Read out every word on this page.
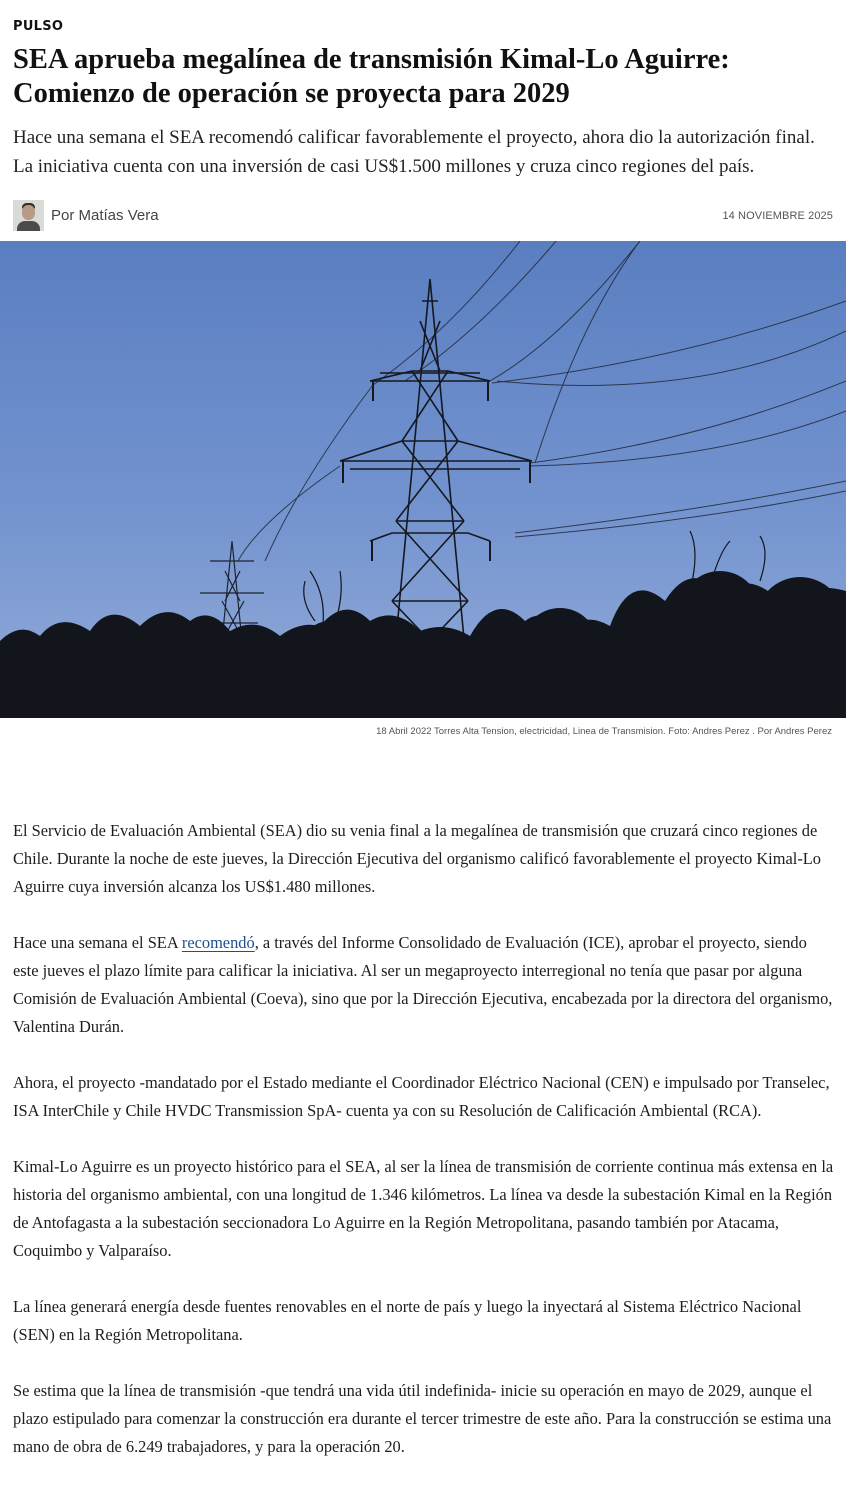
PULSO
SEA aprueba megalínea de transmisión Kimal-Lo Aguirre: Comienzo de operación se proyecta para 2029

Hace una semana el SEA recomendó calificar favorablemente el proyecto, ahora dio la autorización final. La iniciativa cuenta con una inversión de casi US$1.500 millones y cruza cinco regiones del país.

Por Matías Vera	14 NOVIEMBRE 2025
18 Abril 2022 Torres Alta Tension, electricidad, Linea de Transmision. Foto: Andres Perez . Por Andres Perez

El Servicio de Evaluación Ambiental (SEA) dio su venia final a la megalínea de transmisión que cruzará cinco regiones de Chile. Durante la noche de este jueves, la Dirección Ejecutiva del organismo calificó favorablemente el proyecto Kimal-Lo Aguirre cuya inversión alcanza los US$1.480 millones.

Hace una semana el SEA recomendó, a través del Informe Consolidado de Evaluación (ICE), aprobar el proyecto, siendo este jueves el plazo límite para calificar la iniciativa. Al ser un megaproyecto interregional no tenía que pasar por alguna Comisión de Evaluación Ambiental (Coeva), sino que por la Dirección Ejecutiva, encabezada por la directora del organismo, Valentina Durán.

Ahora, el proyecto -mandatado por el Estado mediante el Coordinador Eléctrico Nacional (CEN) e impulsado por Transelec, ISA InterChile y Chile HVDC Transmission SpA- cuenta ya con su Resolución de Calificación Ambiental (RCA).

Kimal-Lo Aguirre es un proyecto histórico para el SEA, al ser la línea de transmisión de corriente continua más extensa en la historia del organismo ambiental, con una longitud de 1.346 kilómetros. La línea va desde la subestación Kimal en la Región de Antofagasta a la subestación seccionadora Lo Aguirre en la Región Metropolitana, pasando también por Atacama, Coquimbo y Valparaíso.

La línea generará energía desde fuentes renovables en el norte de país y luego la inyectará al Sistema Eléctrico Nacional (SEN) en la Región Metropolitana.

Se estima que la línea de transmisión -que tendrá una vida útil indefinida- inicie su operación en mayo de 2029, aunque el plazo estipulado para comenzar la construcción era durante el tercer trimestre de este año. Para la construcción se estima una mano de obra de 6.249 trabajadores, y para la operación 20.
